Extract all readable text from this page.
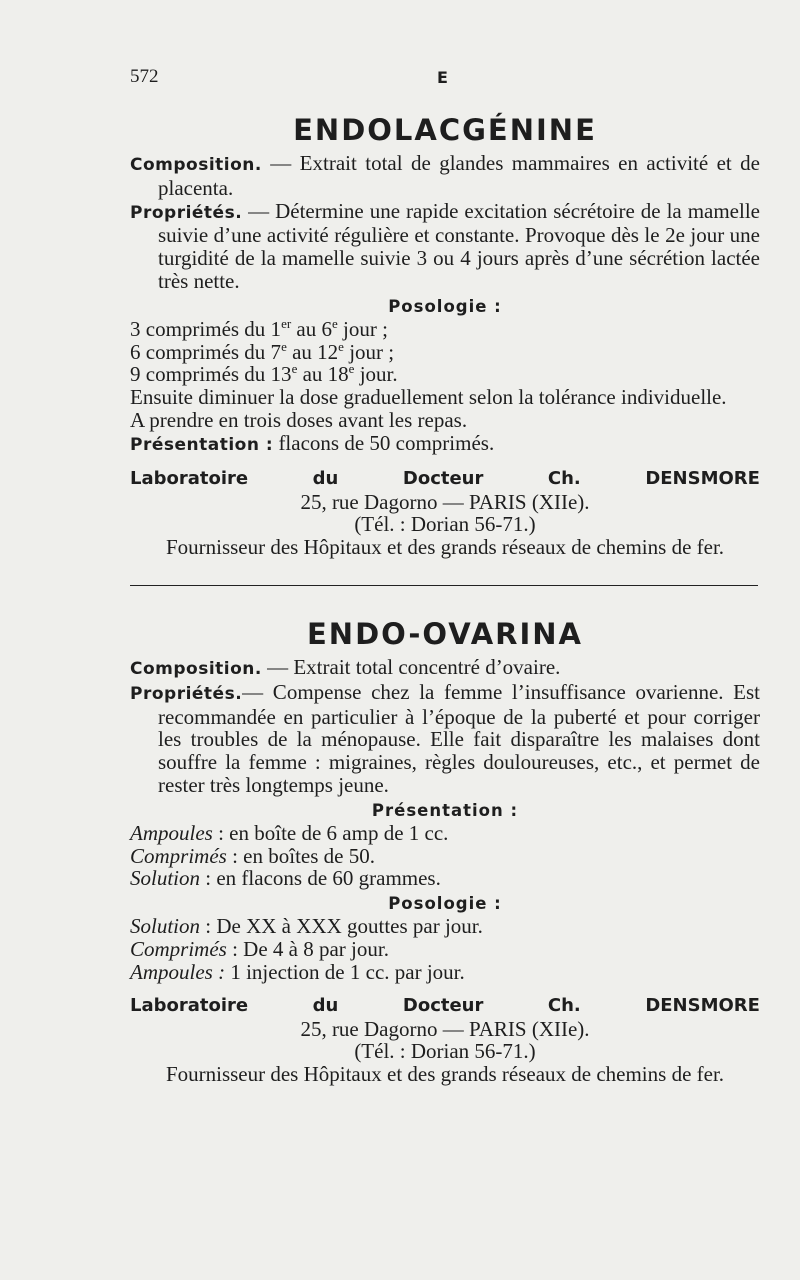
572	E
ENDOLACGÉNINE
Composition. — Extrait total de glandes mammaires en activité et de placenta.
Propriétés. — Détermine une rapide excitation sécrétoire de la mamelle suivie d’une activité régulière et constante. Provoque dès le 2e jour une turgidité de la mamelle suivie 3 ou 4 jours après d’une sécrétion lactée très nette.
Posologie :
3 comprimés du 1er au 6e jour ;
6 comprimés du 7e au 12e jour ;
9 comprimés du 13e au 18e jour.
Ensuite diminuer la dose graduellement selon la tolérance individuelle.
A prendre en trois doses avant les repas.
Présentation : flacons de 50 comprimés.
Laboratoire	du	Docteur	Ch.	DENSMORE
25, rue Dagorno — PARIS (XIIe).
(Tél. : Dorian 56-71.)
Fournisseur des Hôpitaux et des grands réseaux de chemins de fer.
ENDO-OVARINA
Composition. — Extrait total concentré d’ovaire.
Propriétés.— Compense chez la femme l’insuffisance ovarienne. Est recommandée en particulier à l’époque de la puberté et pour corriger les troubles de la ménopause. Elle fait disparaître les malaises dont souffre la femme : migraines, règles douloureuses, etc., et permet de rester très longtemps jeune.
Présentation :
Ampoules : en boîte de 6 amp de 1 cc.
Comprimés : en boîtes de 50.
Solution : en flacons de 60 grammes.
Posologie :
Solution : De XX à XXX gouttes par jour.
Comprimés : De 4 à 8 par jour.
Ampoules : 1 injection de 1 cc. par jour.
Laboratoire	du	Docteur	Ch.	DENSMORE
25, rue Dagorno — PARIS (XIIe).
(Tél. : Dorian 56-71.)
Fournisseur des Hôpitaux et des grands réseaux de chemins de fer.
